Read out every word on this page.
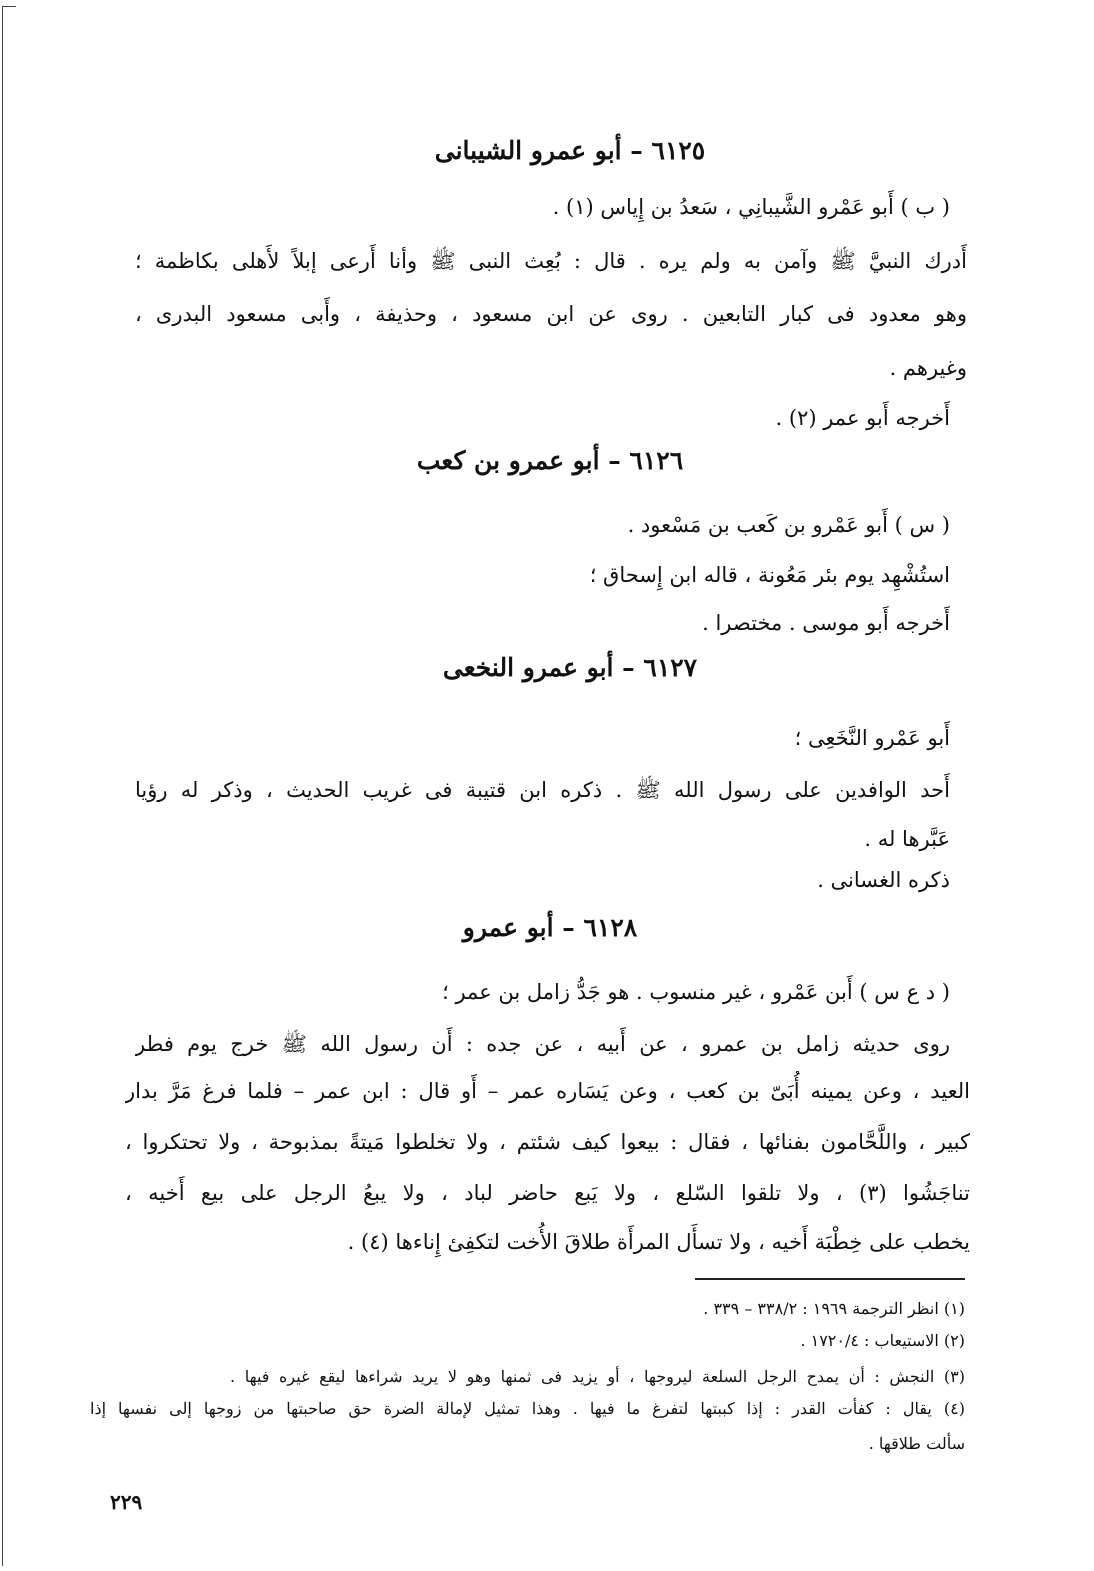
٦١٢٥ – أبو عمرو الشيبانى
( ب ) أَبو عَمْرو الشَّيبانِي ، سَعدُ بن إِياس (١) .
أَدرك النبيَّ ﷺ وآمن به ولم يره . قال : بُعِث النبى ﷺ وأنا أَرعى إبلاً لأَهلى بكاظمة ؛
وهو معدود فى كبار التابعين . روى عن ابن مسعود ، وحذيفة ، وأَبى مسعود البدرى ،
وغيرهم .
أَخرجه أَبو عمر (٢) .
٦١٢٦ – أبو عمرو بن كعب
( س ) أَبو عَمْرو بن كَعب بن مَسْعود .
استُشْهِد يوم بئر مَعُونة ، قاله ابن إِسحاق ؛
أَخرجه أَبو موسى . مختصرا .
٦١٢٧ – أبو عمرو النخعى
أَبو عَمْرو النَّخَعِى ؛
أَحد الوافدين على رسول الله ﷺ . ذكره ابن قتيبة فى غريب الحديث ، وذكر له رؤيا
عَبَّرها له .
ذكره الغسانى .
٦١٢٨ – أبو عمرو
( د ع س ) أَبن عَمْرو ، غير منسوب . هو جَدُّ زامل بن عمر ؛
روى حديثه زامل بن عمرو ، عن أَبيه ، عن جده : أَن رسول الله ﷺ خرج يوم فطر
العيد ، وعن يمينه أُبَىّ بن كعب ، وعن يَسَاره عمر – أَو قال : ابن عمر – فلما فرغ مَرَّ بدار
كبير ، واللَّحَّامون بفنائها ، فقال : بيعوا كيف شئتم ، ولا تخلطوا مَيتةً بمذبوحة ، ولا تحتكروا ،
تناجَشُوا (٣) ، ولا تلقوا السّلع ، ولا يَبع حاضر لباد ، ولا يبعُ الرجل على بيع أَخيه ،
يخطب على خِطْبَة أَخيه ، ولا تسأَل المرأَة طلاقَ الأُخت لتكفِئ إِناءها (٤) .
(١) انظر الترجمة ١٩٦٩ : ٣٣٨/٢ – ٣٣٩ .
(٢) الاستيعاب : ١٧٢٠/٤ .
(٣) النجش : أن يمدح الرجل السلعة ليروجها ، أو يزيد فى ثمنها وهو لا يريد شراءها ليقع غيره فيها .
(٤) يقال : كفأت القدر : إذا كببتها لتفرغ ما فيها . وهذا تمثيل لإمالة الضرة حق صاحبتها من زوجها إلى نفسها إذا
سألت طلاقها .
٢٢٩
